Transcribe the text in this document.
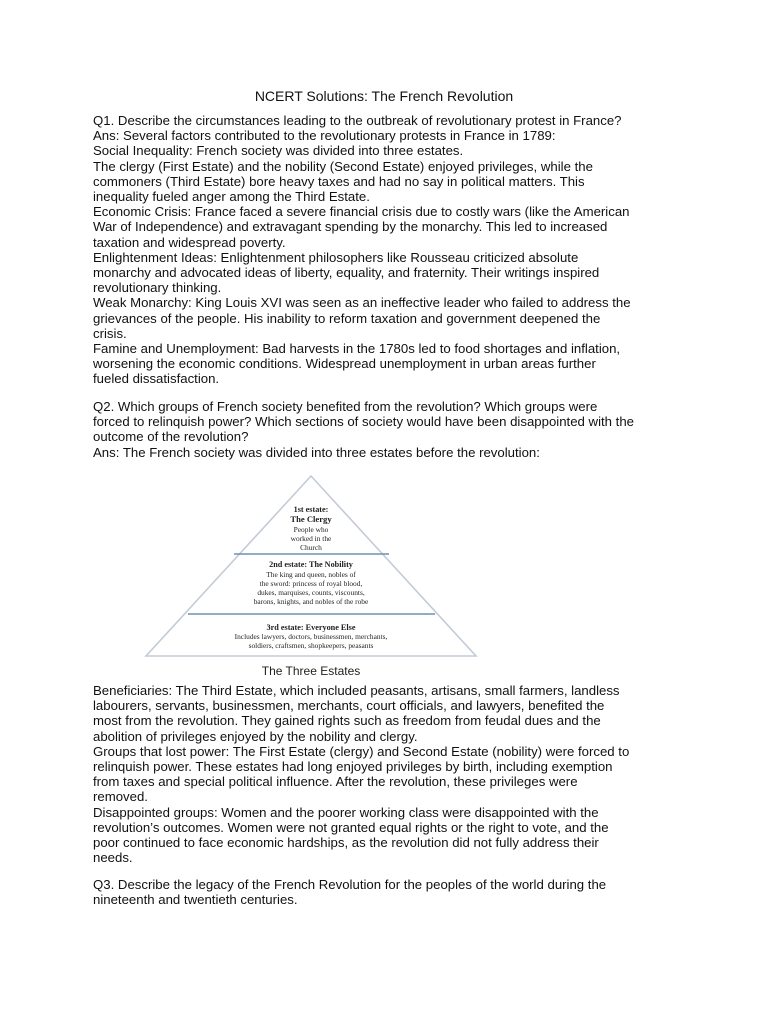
NCERT Solutions: The French Revolution
Q1. Describe the circumstances leading to the outbreak of revolutionary protest in France?
Ans: Several factors contributed to the revolutionary protests in France in 1789:
Social Inequality: French society was divided into three estates.
The clergy (First Estate) and the nobility (Second Estate) enjoyed privileges, while the
commoners (Third Estate) bore heavy taxes and had no say in political matters. This
inequality fueled anger among the Third Estate.
Economic Crisis: France faced a severe financial crisis due to costly wars (like the American
War of Independence) and extravagant spending by the monarchy. This led to increased
taxation and widespread poverty.
Enlightenment Ideas: Enlightenment philosophers like Rousseau criticized absolute
monarchy and advocated ideas of liberty, equality, and fraternity. Their writings inspired
revolutionary thinking.
Weak Monarchy: King Louis XVI was seen as an ineffective leader who failed to address the
grievances of the people. His inability to reform taxation and government deepened the
crisis.
Famine and Unemployment: Bad harvests in the 1780s led to food shortages and inflation,
worsening the economic conditions. Widespread unemployment in urban areas further
fueled dissatisfaction.
Q2. Which groups of French society benefited from the revolution? Which groups were
forced to relinquish power? Which sections of society would have been disappointed with the
outcome of the revolution?
Ans: The French society was divided into three estates before the revolution:
1st estate:
The Clergy
People who
worked in the
Church
2nd estate: The Nobility
The king and queen, nobles of
the sword: princess of royal blood,
dukes, marquises, counts, viscounts,
barons, knights, and nobles of the robe
3rd estate: Everyone Else
Includes lawyers, doctors, businessmen, merchants,
soldiers, craftsmen, shopkeepers, peasants
The Three Estates
Beneficiaries: The Third Estate, which included peasants, artisans, small farmers, landless
labourers, servants, businessmen, merchants, court officials, and lawyers, benefited the
most from the revolution. They gained rights such as freedom from feudal dues and the
abolition of privileges enjoyed by the nobility and clergy.
Groups that lost power: The First Estate (clergy) and Second Estate (nobility) were forced to
relinquish power. These estates had long enjoyed privileges by birth, including exemption
from taxes and special political influence. After the revolution, these privileges were
removed.
Disappointed groups: Women and the poorer working class were disappointed with the
revolution’s outcomes. Women were not granted equal rights or the right to vote, and the
poor continued to face economic hardships, as the revolution did not fully address their
needs.
Q3. Describe the legacy of the French Revolution for the peoples of the world during the
nineteenth and twentieth centuries.
